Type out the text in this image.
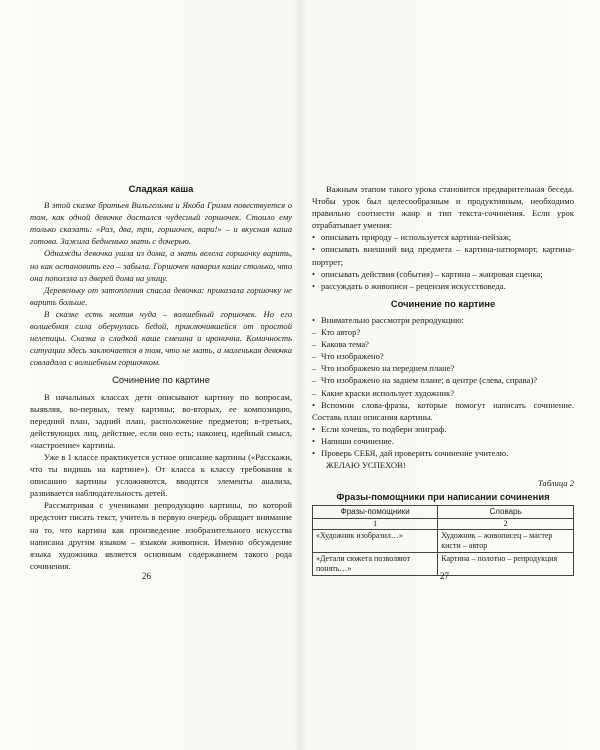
Сладкая каша

В этой сказке братьев Вильгельма и Якоба Гримм повествуется о том, как одной девочке достался чудесный горшочек. Стоило ему только сказать: «Раз, два, три, горшочек, вари!» – и вкусная каша готова. Зажила бедненько мать с дочерью.

Однажды девочка ушла из дома, а мать велела горшочку варить, но как остановить его – забыла. Горшочек наварил каши столько, что она поползла из дверей дома на улицу.

Деревеньку от затопления спасла девочка: приказала горшочку не варить больше.

В сказке есть мотив чуда – волшебный горшочек. Но его волшебная сила обернулась бедой, приключившейся от простой нелепицы. Сказка о сладкой каше смешна и иронична. Комичность ситуации здесь заключается в том, что не мать, а маленькая девочка совладала с волшебным горшочком.

Сочинение по картине

В начальных классах дети описывают картину по вопросам, выявляя, во-первых, тему картины; во-вторых, ее композицию, передний план, задний план, расположение предметов; в-третьих, действующих лиц, действие, если оно есть; наконец, идейный смысл, «настроение» картины.

Уже в 1 классе практикуется устное описание картины («Расскажи, что ты видишь на картине»). От класса к классу требования к описанию картины усложняются, вводятся элементы анализа, развивается наблюдательность детей.

Рассматривая с учениками репродукцию картины, по которой предстоит писать текст, учитель в первую очередь обращает внимание на то, что картина как произведение изобразительного искусства написана другим языком – языком живописи. Именно обсуждение языка художника является основным содержанием такого рода сочинения.

26

Важным этапом такого урока становится предварительная беседа. Чтобы урок был целесообразным и продуктивным, необходимо правильно соотнести жанр и тип текста-сочинения. Если урок отрабатывает умения:

• описывать природу – используется картина-пейзаж;

• описывать внешний вид предмета – картина-натюрморт, картина-портрет;

• описывать действия (события) – картина – жанровая сценка;

• рассуждать о живописи – рецензия искусствоведа.

Сочинение по картине

• Внимательно рассмотри репродукцию:

– Кто автор?

– Какова тема?

– Что изображено?

– Что изображено на переднем плане?

– Что изображено на заднем плане; в центре (слева, справа)?

– Какие краски использует художник?

• Вспомни слова-фразы, которые помогут написать сочинение. Составь план описания картины.

• Если хочешь, то подбери эпиграф.

• Напиши сочинение.

• Проверь СЕБЯ, дай проверить сочинение учителю.

ЖЕЛАЮ УСПЕХОВ!

Таблица 2

Фразы-помощники при написании сочинения
Фразы-помощники	Словарь
1	2
«Художник изобразил…»	Художник – живописец – мастер кисти – автор
«Детали сюжета позволяют понять…»	Картина – полотно – репродукция
27
